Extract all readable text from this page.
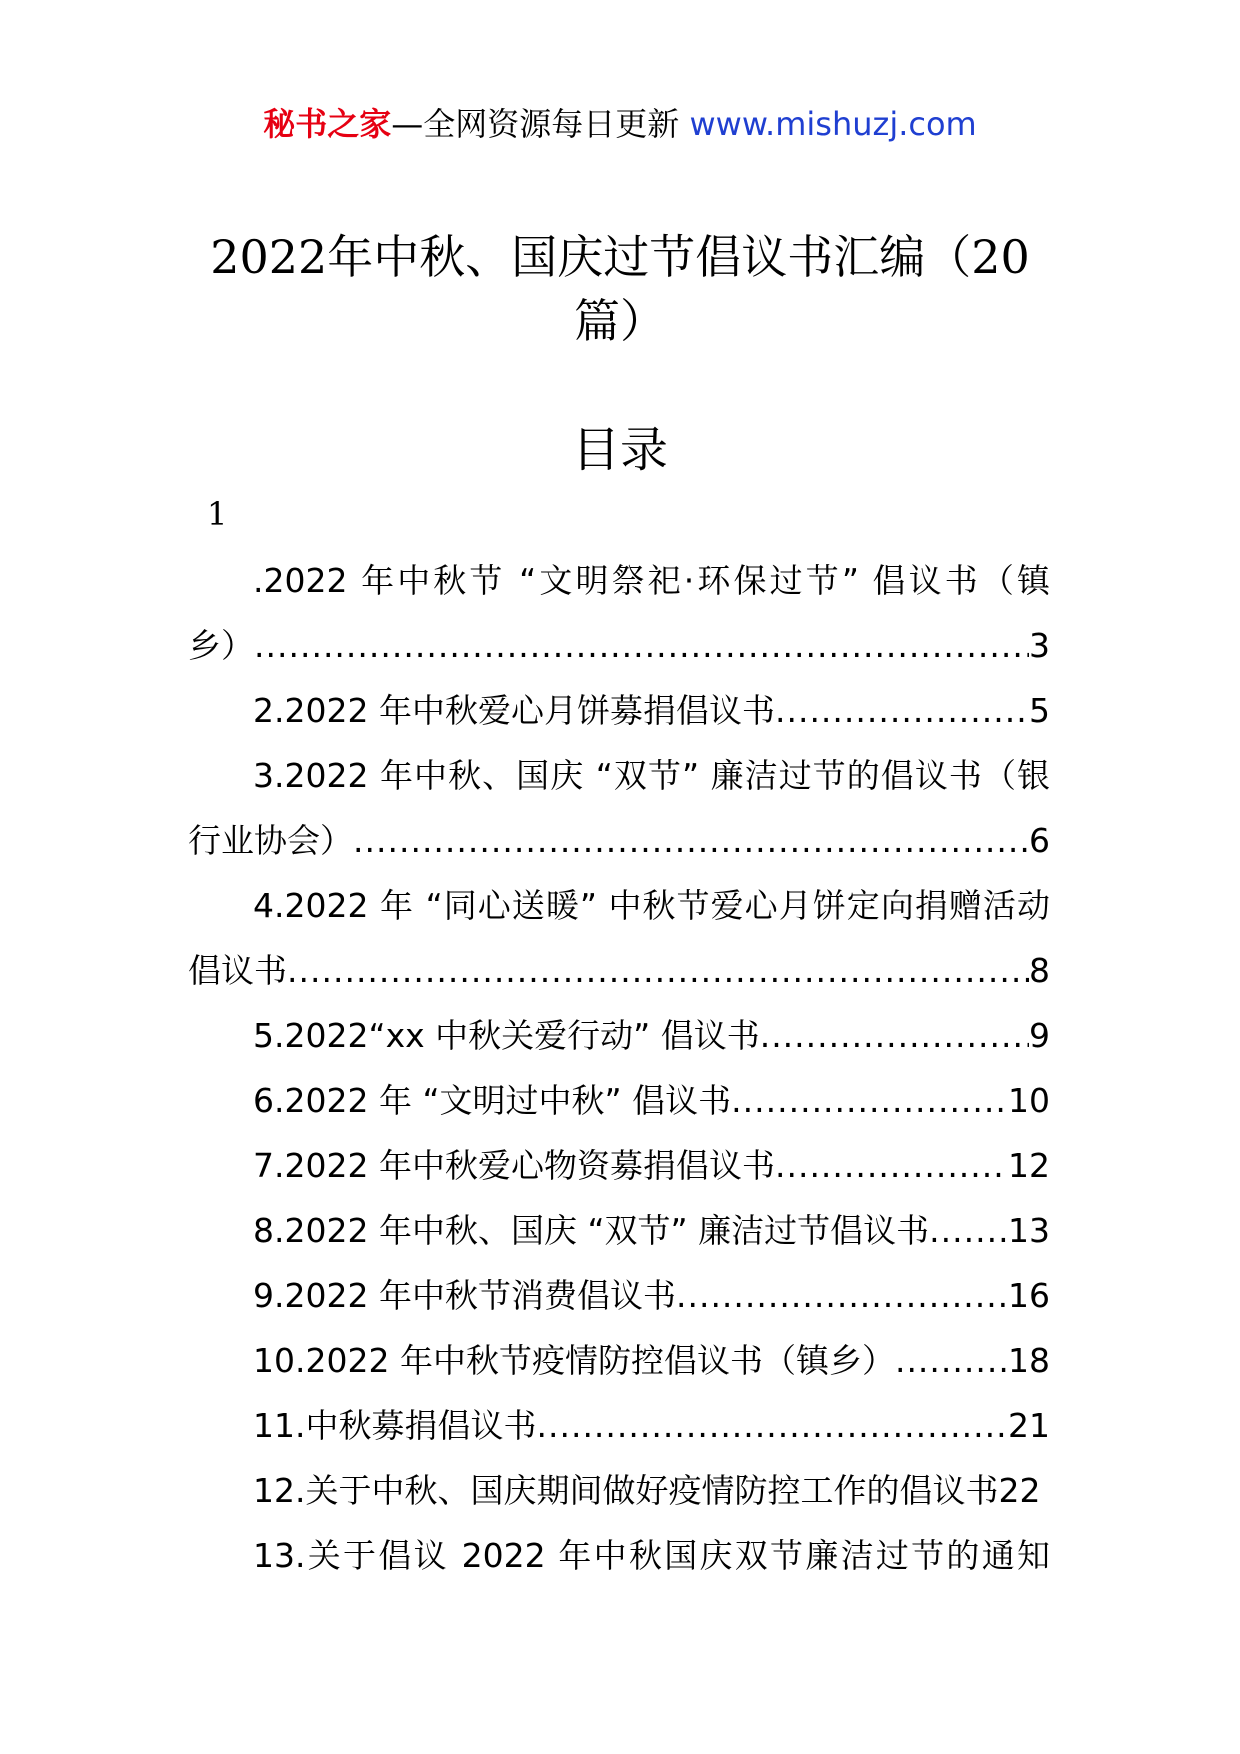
秘书之家—全网资源每日更新 www.mishuzj.com
2022年中秋、国庆过节倡议书汇编（20
篇）
目录
1
.2022 年中秋节 “文明祭祀·环保过节” 倡议书（镇
乡） .....	3
2.2022 年中秋爱心月饼募捐倡议书 .....	5
3.2022 年中秋、国庆 “双节” 廉洁过节的倡议书（银
行业协会） .....	6
4.2022 年 “同心送暖” 中秋节爱心月饼定向捐赠活动
倡议书 .....	8
5.2022“xx 中秋关爱行动” 倡议书 .....	9
6.2022 年 “文明过中秋” 倡议书 .....	10
7.2022 年中秋爱心物资募捐倡议书 .....	12
8.2022 年中秋、国庆 “双节” 廉洁过节倡议书 ..... 13
9.2022 年中秋节消费倡议书 .....	16
10.2022 年中秋节疫情防控倡议书（镇乡） .....	18
11.中秋募捐倡议书 .....	21
12.关于中秋、国庆期间做好疫情防控工作的倡议书 22
13.关于倡议 2022 年中秋国庆双节廉洁过节的通知
